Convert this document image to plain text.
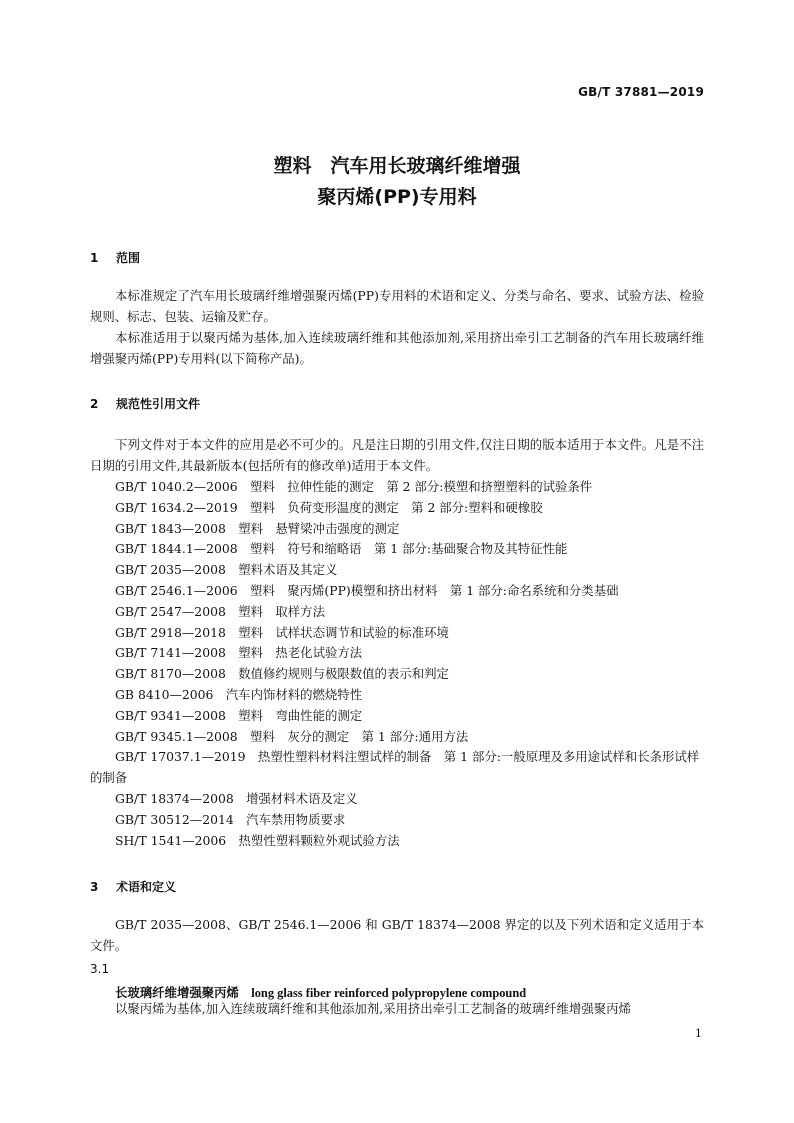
GB/T 37881—2019
塑料　汽车用长玻璃纤维增强
聚丙烯(PP)专用料
1 范围

本标准规定了汽车用长玻璃纤维增强聚丙烯(PP)专用料的术语和定义、分类与命名、要求、试验方法、检验规则、标志、包装、运输及贮存。

本标准适用于以聚丙烯为基体,加入连续玻璃纤维和其他添加剂,采用挤出牵引工艺制备的汽车用长玻璃纤维增强聚丙烯(PP)专用料(以下简称产品)。

2 规范性引用文件

下列文件对于本文件的应用是必不可少的。凡是注日期的引用文件,仅注日期的版本适用于本文件。凡是不注日期的引用文件,其最新版本(包括所有的修改单)适用于本文件。

GB/T 1040.2—2006　塑料　拉伸性能的测定　第 2 部分:模塑和挤塑塑料的试验条件
GB/T 1634.2—2019　塑料　负荷变形温度的测定　第 2 部分:塑料和硬橡胶
GB/T 1843—2008　塑料　悬臂梁冲击强度的测定
GB/T 1844.1—2008　塑料　符号和缩略语　第 1 部分:基础聚合物及其特征性能
GB/T 2035—2008　塑料术语及其定义
GB/T 2546.1—2006　塑料　聚丙烯(PP)模塑和挤出材料　第 1 部分:命名系统和分类基础
GB/T 2547—2008　塑料　取样方法
GB/T 2918—2018　塑料　试样状态调节和试验的标准环境
GB/T 7141—2008　塑料　热老化试验方法
GB/T 8170—2008　数值修约规则与极限数值的表示和判定
GB 8410—2006　汽车内饰材料的燃烧特性
GB/T 9341—2008　塑料　弯曲性能的测定
GB/T 9345.1—2008　塑料　灰分的测定　第 1 部分:通用方法
GB/T 17037.1—2019　热塑性塑料材料注塑试样的制备　第 1 部分:一般原理及多用途试样和长条形试样的制备
GB/T 18374—2008　增强材料术语及定义
GB/T 30512—2014　汽车禁用物质要求
SH/T 1541—2006　热塑性塑料颗粒外观试验方法
3 术语和定义

GB/T 2035—2008、GB/T 2546.1—2006 和 GB/T 18374—2008 界定的以及下列术语和定义适用于本文件。

3.1
长玻璃纤维增强聚丙烯　 long glass fiber reinforced polypropylene compound

以聚丙烯为基体,加入连续玻璃纤维和其他添加剂,采用挤出牵引工艺制备的玻璃纤维增强聚丙烯

1
